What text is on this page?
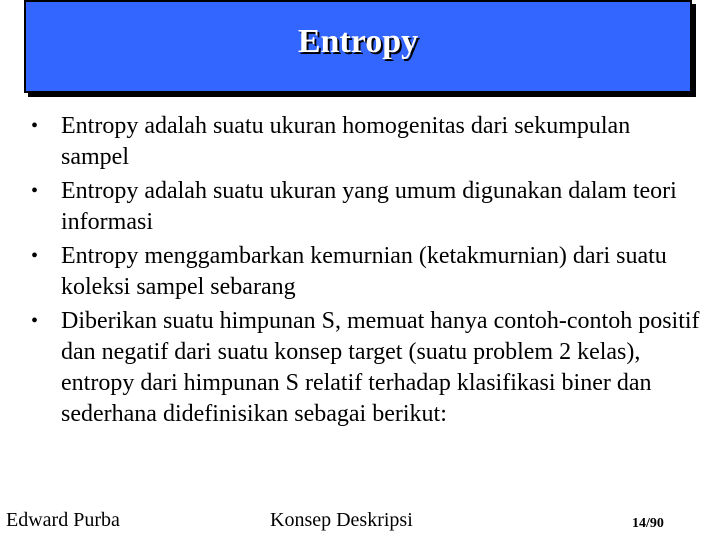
Entropy
• Entropy adalah suatu ukuran homogenitas dari sekumpulan sampel
• Entropy adalah suatu ukuran yang umum digunakan dalam teori informasi
• Entropy menggambarkan kemurnian (ketakmurnian) dari suatu koleksi sampel sebarang
• Diberikan suatu himpunan S, memuat hanya contoh-contoh positif dan negatif dari suatu konsep target (suatu problem 2 kelas), entropy dari himpunan S relatif terhadap klasifikasi biner dan sederhana didefinisikan sebagai berikut:
Edward Purba	Konsep Deskripsi	14/90
